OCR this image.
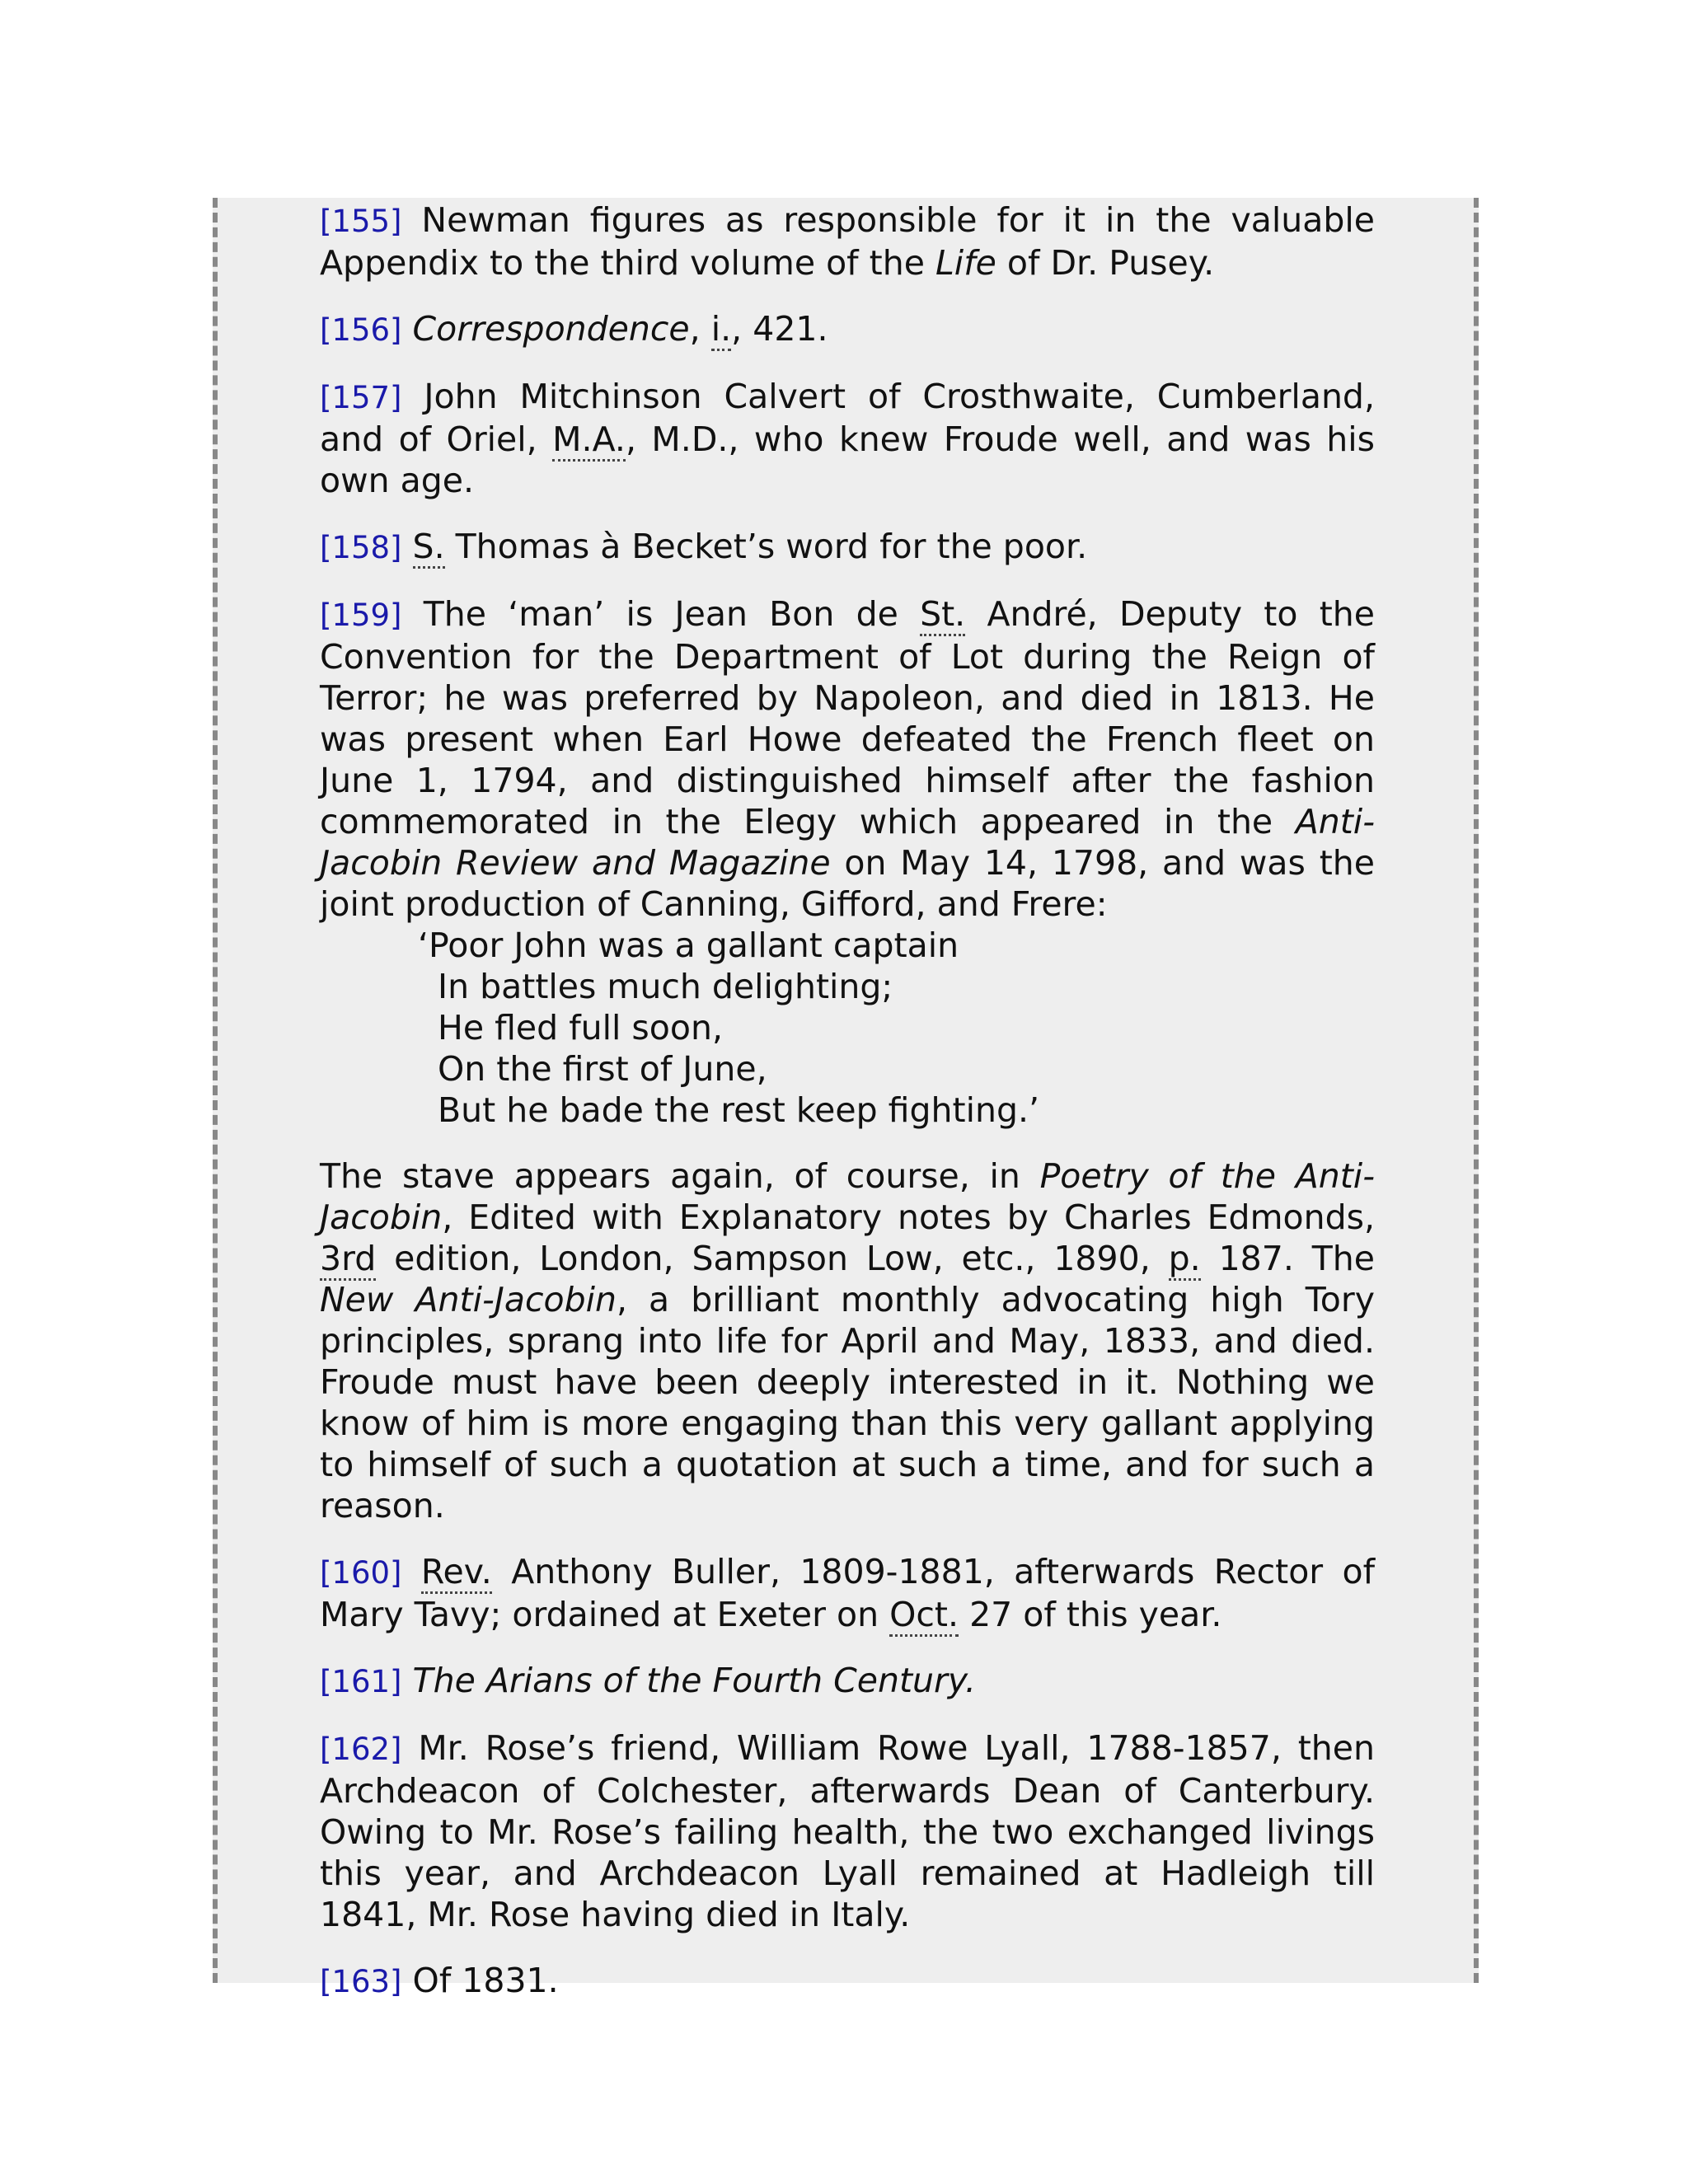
[155] Newman figures as responsible for it in the valuable Appendix to the third volume of the Life of Dr. Pusey.

[156] Correspondence, i., 421.

[157] John Mitchinson Calvert of Crosthwaite, Cumberland, and of Oriel, M.A., M.D., who knew Froude well, and was his own age.

[158] S. Thomas à Becket’s word for the poor.

[159] The ‘man’ is Jean Bon de St. André, Deputy to the Convention for the Department of Lot during the Reign of Terror; he was preferred by Napoleon, and died in 1813. He was present when Earl Howe defeated the French fleet on June 1, 1794, and distinguished himself after the fashion commemorated in the Elegy which appeared in the Anti-Jacobin Review and Magazine on May 14, 1798, and was the joint production of Canning, Gifford, and Frere:

‘Poor John was a gallant captain
In battles much delighting;
He fled full soon,
On the first of June,
But he bade the rest keep fighting.’

The stave appears again, of course, in Poetry of the Anti-Jacobin, Edited with Explanatory notes by Charles Edmonds, 3rd edition, London, Sampson Low, etc., 1890, p. 187. The New Anti-Jacobin, a brilliant monthly advocating high Tory principles, sprang into life for April and May, 1833, and died. Froude must have been deeply interested in it. Nothing we know of him is more engaging than this very gallant applying to himself of such a quotation at such a time, and for such a reason.

[160] Rev. Anthony Buller, 1809-1881, afterwards Rector of Mary Tavy; ordained at Exeter on Oct. 27 of this year.

[161] The Arians of the Fourth Century.

[162] Mr. Rose’s friend, William Rowe Lyall, 1788-1857, then Archdeacon of Colchester, afterwards Dean of Canterbury. Owing to Mr. Rose’s failing health, the two exchanged livings this year, and Archdeacon Lyall remained at Hadleigh till 1841, Mr. Rose having died in Italy.

[163] Of 1831.
